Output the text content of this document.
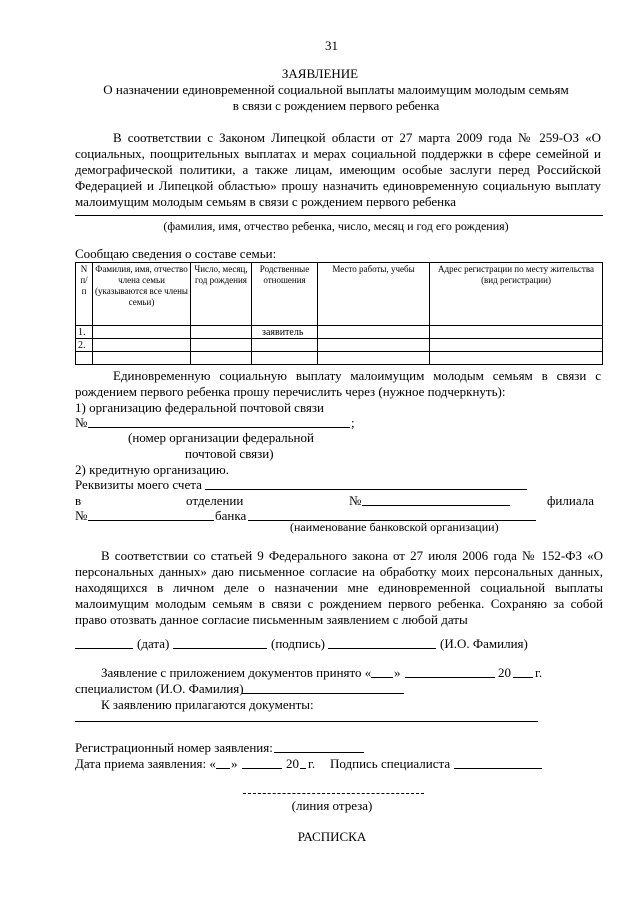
31
ЗАЯВЛЕНИЕ
О назначении единовременной социальной выплаты малоимущим молодым семьям
в связи с рождением первого ребенка
В соответствии с Законом Липецкой области от 27 марта 2009 года № 259-ОЗ «О
социальных, поощрительных выплатах и мерах социальной поддержки в сфере семейной и
демографической политики, а также лицам, имеющим особые заслуги перед Российской
Федерацией и Липецкой областью» прошу назначить единовременную социальную выплату
малоимущим молодым семьям в связи с рождением первого ребенка
(фамилия, имя, отчество ребенка, число, месяц и год его рождения)
Сообщаю сведения о составе семьи:
N п/ п	Фамилия, имя, отчество члена семьи (указываются все члены семьи)	Число, месяц, год рождения	Родственные отношения	Место работы, учебы	Адрес регистрации по месту жительства (вид регистрации)
1.			заявитель		
2.					

Единовременную социальную выплату малоимущим молодым семьям в связи с
рождением первого ребенка прошу перечислить через (нужное подчеркнуть):
1) организацию федеральной почтовой связи
№	;
(номер организации федеральной
почтовой связи)
2) кредитную организацию.
Реквизиты моего счета
в	отделении	№	филиала
№	банка
(наименование банковской организации)
В соответствии со статьей 9 Федерального закона от 27 июля 2006 года № 152-ФЗ «О
персональных данных» даю письменное согласие на обработку моих персональных данных,
находящихся в личном деле о назначении мне единовременной социальной выплаты
малоимущим молодым семьям в связи с рождением первого ребенка. Сохраняю за собой
право отозвать данное согласие письменным заявлением с любой даты
(дата)	(подпись)	(И.О. Фамилия)
Заявление с приложением документов принято « »	20 г.
специалистом (И.О. Фамилия)
К заявлению прилагаются документы:
Регистрационный номер заявления:
Дата приема заявления: « »	20 г. Подпись специалиста
(линия отреза)
РАСПИСКА
